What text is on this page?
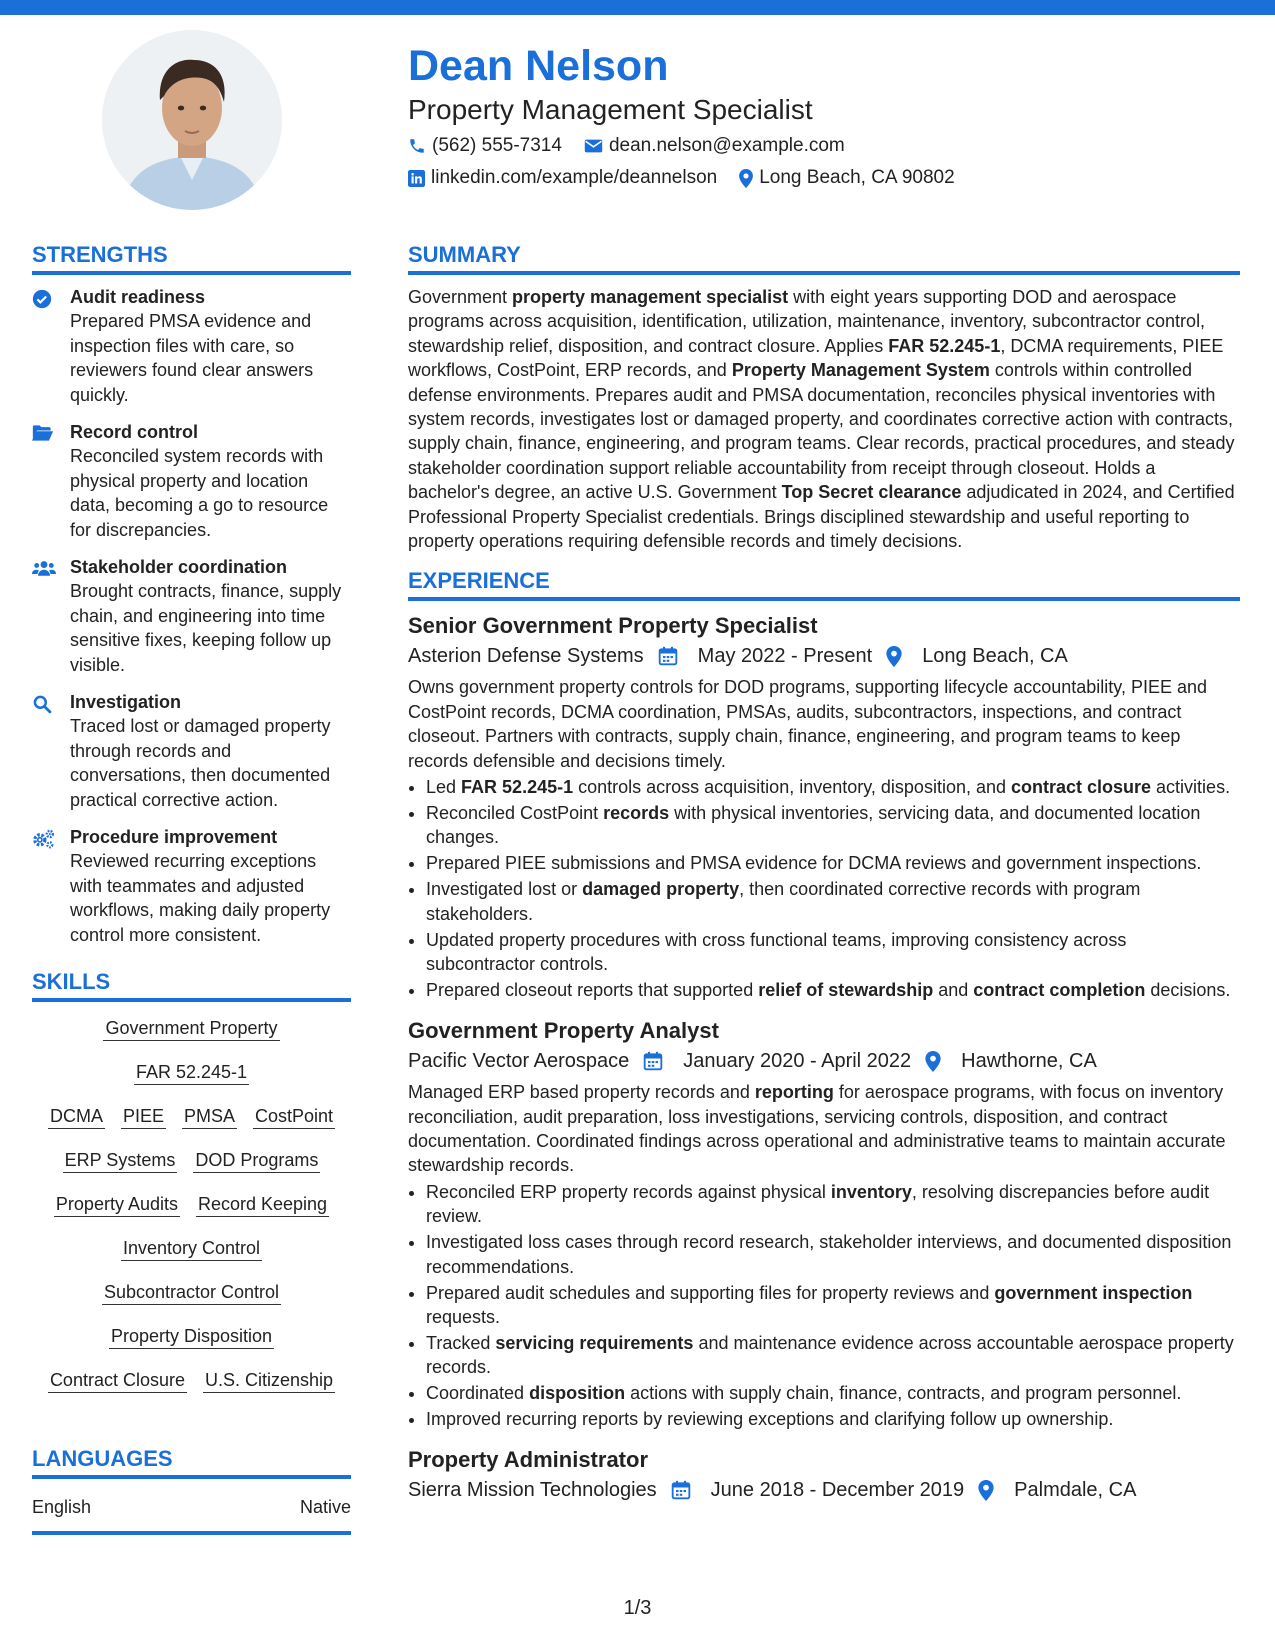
Dean Nelson
Property Management Specialist
(562) 555-7314 dean.nelson@example.com
linkedin.com/example/deannelson Long Beach, CA 90802
STRENGTHS
Audit readiness
Prepared PMSA evidence and inspection files with care, so reviewers found clear answers quickly.
Record control
Reconciled system records with physical property and location data, becoming a go to resource for discrepancies.
Stakeholder coordination
Brought contracts, finance, supply chain, and engineering into time sensitive fixes, keeping follow up visible.
Investigation
Traced lost or damaged property through records and conversations, then documented practical corrective action.
Procedure improvement
Reviewed recurring exceptions with teammates and adjusted workflows, making daily property control more consistent.
SKILLS
Government Property
FAR 52.245-1
DCMA PIEE PMSA CostPoint
ERP Systems DOD Programs
Property Audits Record Keeping
Inventory Control
Subcontractor Control
Property Disposition
Contract Closure U.S. Citizenship
LANGUAGES
English	Native
SUMMARY
Government property management specialist with eight years supporting DOD and aerospace programs across acquisition, identification, utilization, maintenance, inventory, subcontractor control, stewardship relief, disposition, and contract closure. Applies FAR 52.245-1, DCMA requirements, PIEE workflows, CostPoint, ERP records, and Property Management System controls within controlled defense environments. Prepares audit and PMSA documentation, reconciles physical inventories with system records, investigates lost or damaged property, and coordinates corrective action with contracts, supply chain, finance, engineering, and program teams. Clear records, practical procedures, and steady stakeholder coordination support reliable accountability from receipt through closeout. Holds a bachelor's degree, an active U.S. Government Top Secret clearance adjudicated in 2024, and Certified Professional Property Specialist credentials. Brings disciplined stewardship and useful reporting to property operations requiring defensible records and timely decisions.
EXPERIENCE
Senior Government Property Specialist
Asterion Defense Systems	May 2022 - Present	Long Beach, CA
Owns government property controls for DOD programs, supporting lifecycle accountability, PIEE and CostPoint records, DCMA coordination, PMSAs, audits, subcontractors, inspections, and contract closeout. Partners with contracts, supply chain, finance, engineering, and program teams to keep records defensible and decisions timely.
• Led FAR 52.245-1 controls across acquisition, inventory, disposition, and contract closure activities.
• Reconciled CostPoint records with physical inventories, servicing data, and documented location changes.
• Prepared PIEE submissions and PMSA evidence for DCMA reviews and government inspections.
• Investigated lost or damaged property, then coordinated corrective records with program stakeholders.
• Updated property procedures with cross functional teams, improving consistency across subcontractor controls.
• Prepared closeout reports that supported relief of stewardship and contract completion decisions.
Government Property Analyst
Pacific Vector Aerospace	January 2020 - April 2022	Hawthorne, CA
Managed ERP based property records and reporting for aerospace programs, with focus on inventory reconciliation, audit preparation, loss investigations, servicing controls, disposition, and contract documentation. Coordinated findings across operational and administrative teams to maintain accurate stewardship records.
• Reconciled ERP property records against physical inventory, resolving discrepancies before audit review.
• Investigated loss cases through record research, stakeholder interviews, and documented disposition recommendations.
• Prepared audit schedules and supporting files for property reviews and government inspection requests.
• Tracked servicing requirements and maintenance evidence across accountable aerospace property records.
• Coordinated disposition actions with supply chain, finance, contracts, and program personnel.
• Improved recurring reports by reviewing exceptions and clarifying follow up ownership.
Property Administrator
Sierra Mission Technologies	June 2018 - December 2019	Palmdale, CA
1/3
